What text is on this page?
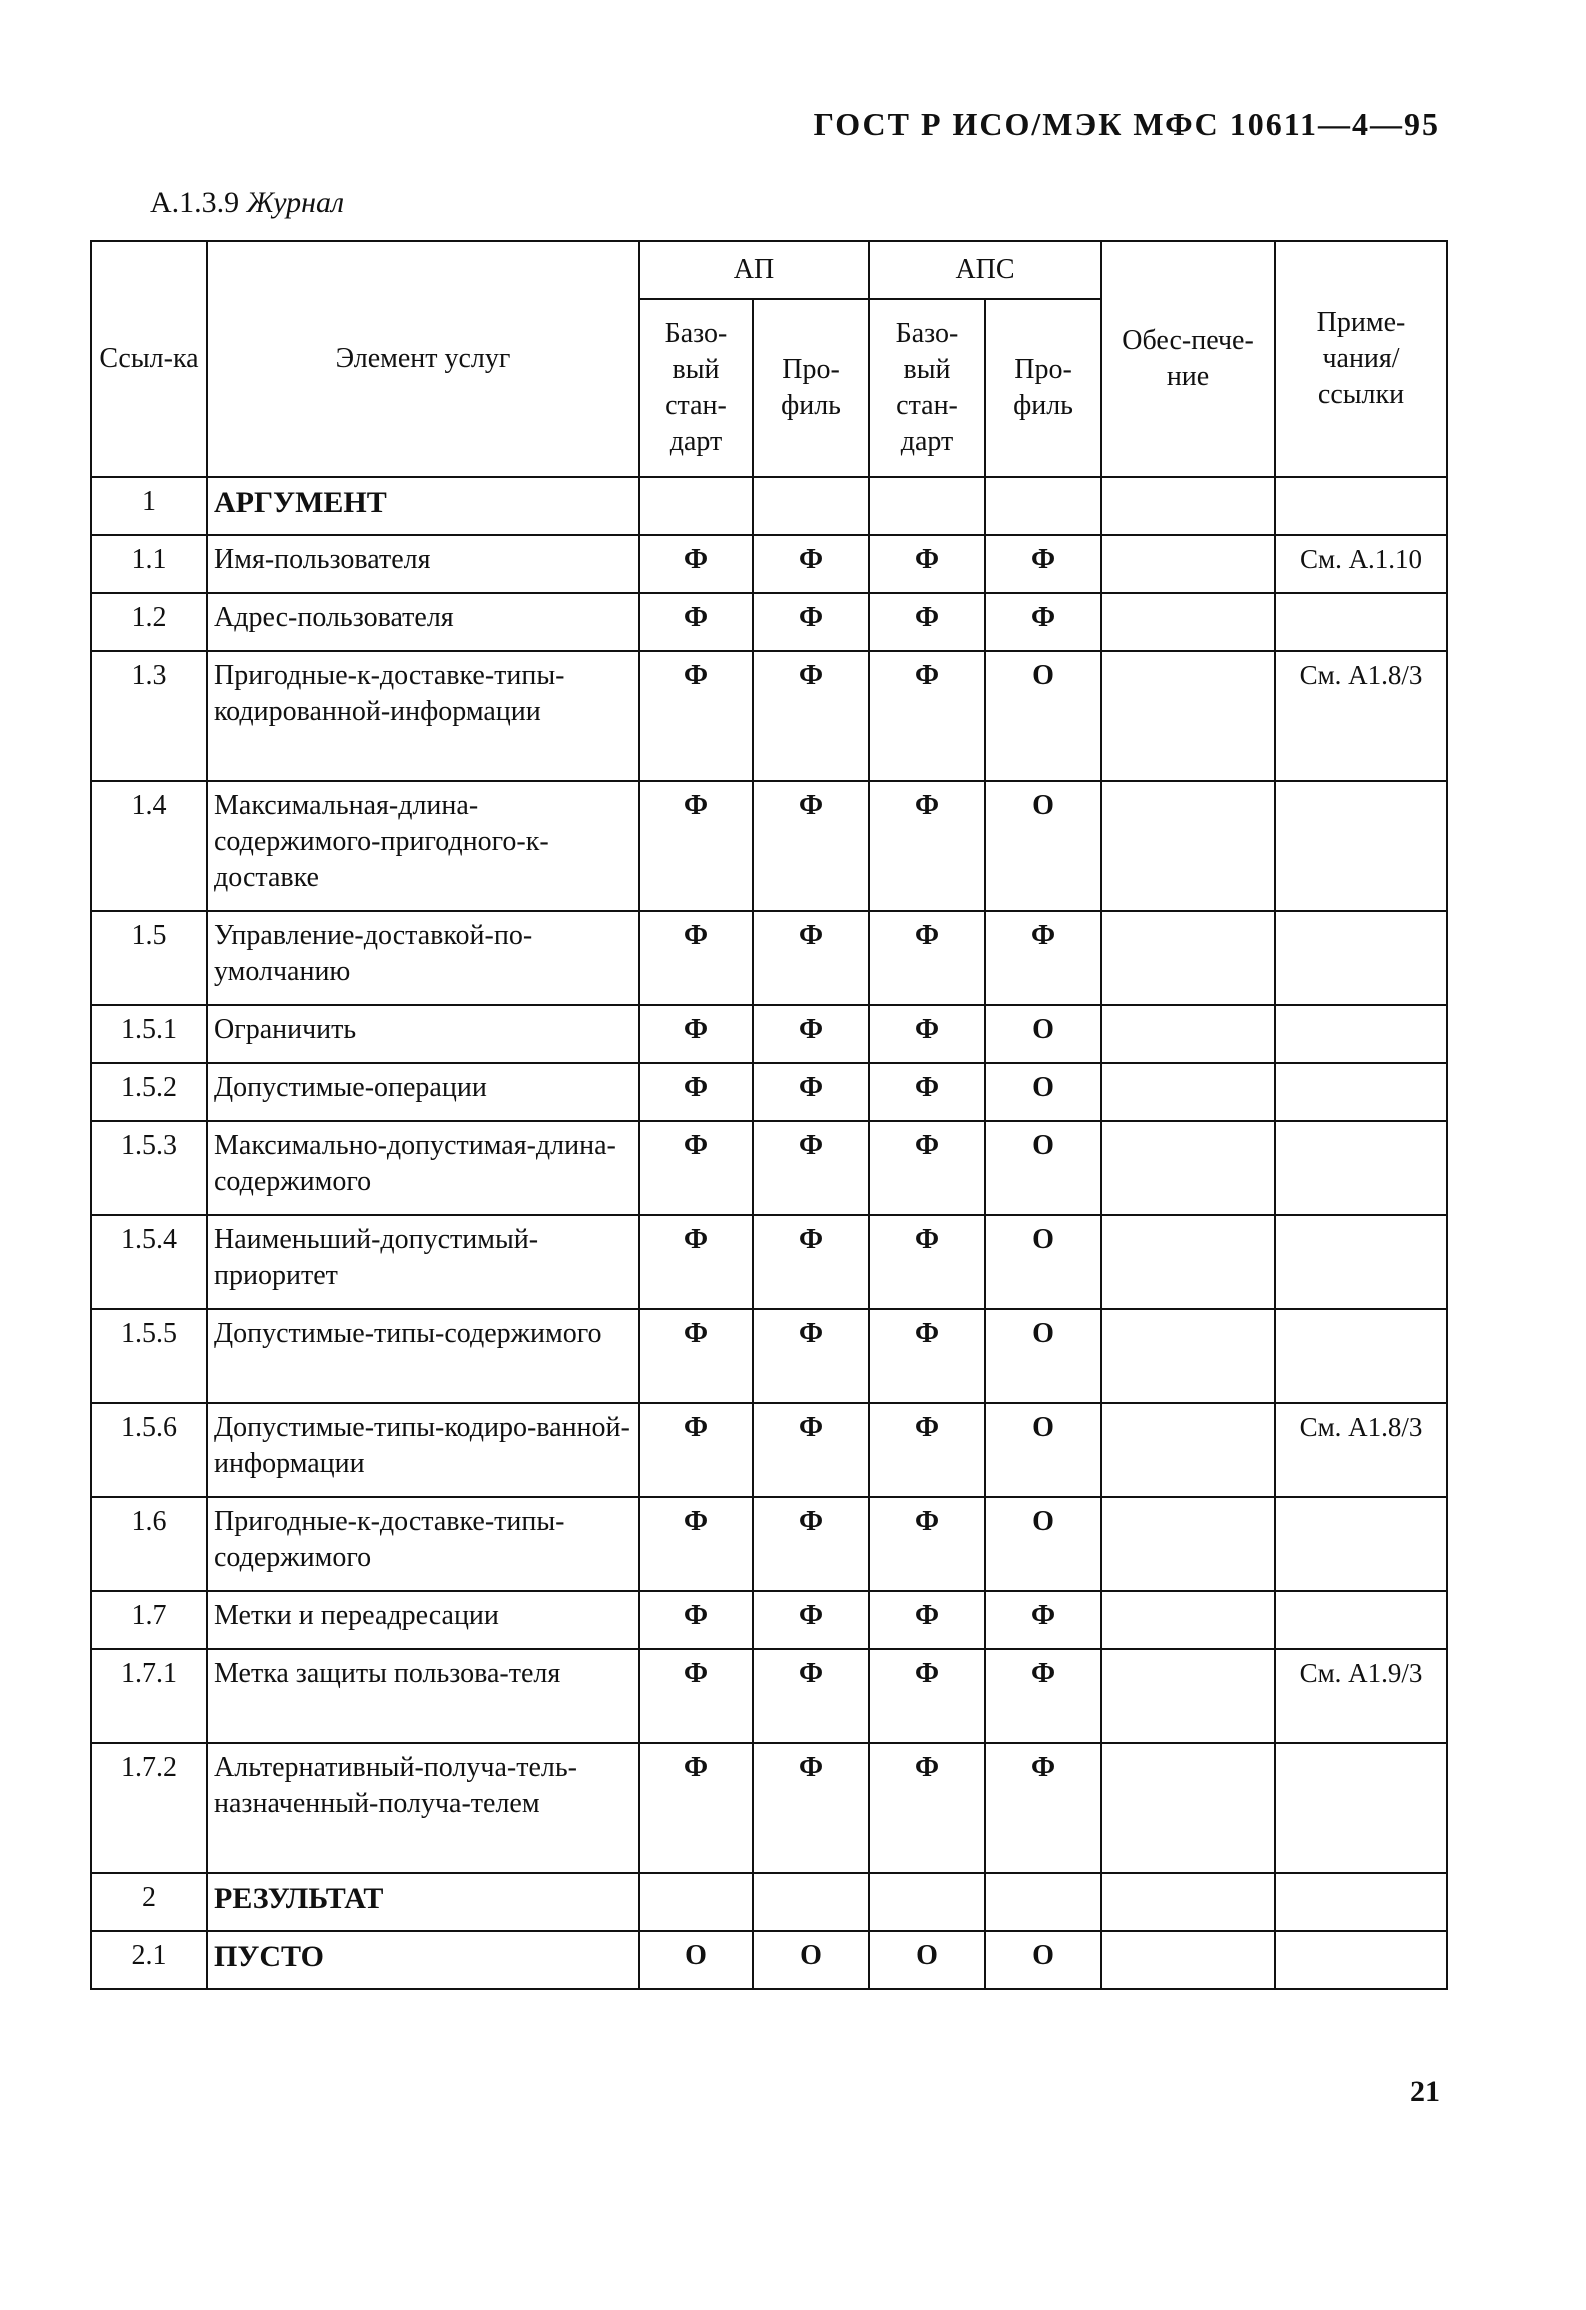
ГОСТ Р ИСО/МЭК МФС 10611—4—95
А.1.3.9 Журнал
Ссыл-ка	Элемент услуг	АП		АПС		Обес-пече-ние	Приме-чания/ ссылки
		Базо-вый стан-дарт	Про-филь	Базо-вый стан-дарт	Про-филь		
1	АРГУМЕНТ						
1.1	Имя-пользователя	Ф	Ф	Ф	Ф		См. А.1.10
1.2	Адрес-пользователя	Ф	Ф	Ф	Ф		
1.3	Пригодные-к-доставке-типы-кодированной-информации	Ф	Ф	Ф	О		См. А1.8/3
1.4	Максимальная-длина-содержимого-пригодного-к-доставке	Ф	Ф	Ф	О		
1.5	Управление-доставкой-по-умолчанию	Ф	Ф	Ф	Ф		
1.5.1	Ограничить	Ф	Ф	Ф	О		
1.5.2	Допустимые-операции	Ф	Ф	Ф	О		
1.5.3	Максимально-допустимая-длина-содержимого	Ф	Ф	Ф	О		
1.5.4	Наименьший-допустимый-приоритет	Ф	Ф	Ф	О		
1.5.5	Допустимые-типы-содержимого	Ф	Ф	Ф	О		
1.5.6	Допустимые-типы-кодиро-ванной-информации	Ф	Ф	Ф	О		См. А1.8/3
1.6	Пригодные-к-доставке-типы-содержимого	Ф	Ф	Ф	О		
1.7	Метки и переадресации	Ф	Ф	Ф	Ф		
1.7.1	Метка защиты пользова-теля	Ф	Ф	Ф	Ф		См. А1.9/3
1.7.2	Альтернативный-получа-тель-назначенный-получа-телем	Ф	Ф	Ф	Ф		
2	РЕЗУЛЬТАТ						
2.1	ПУСТО	О	О	О	О		
21
